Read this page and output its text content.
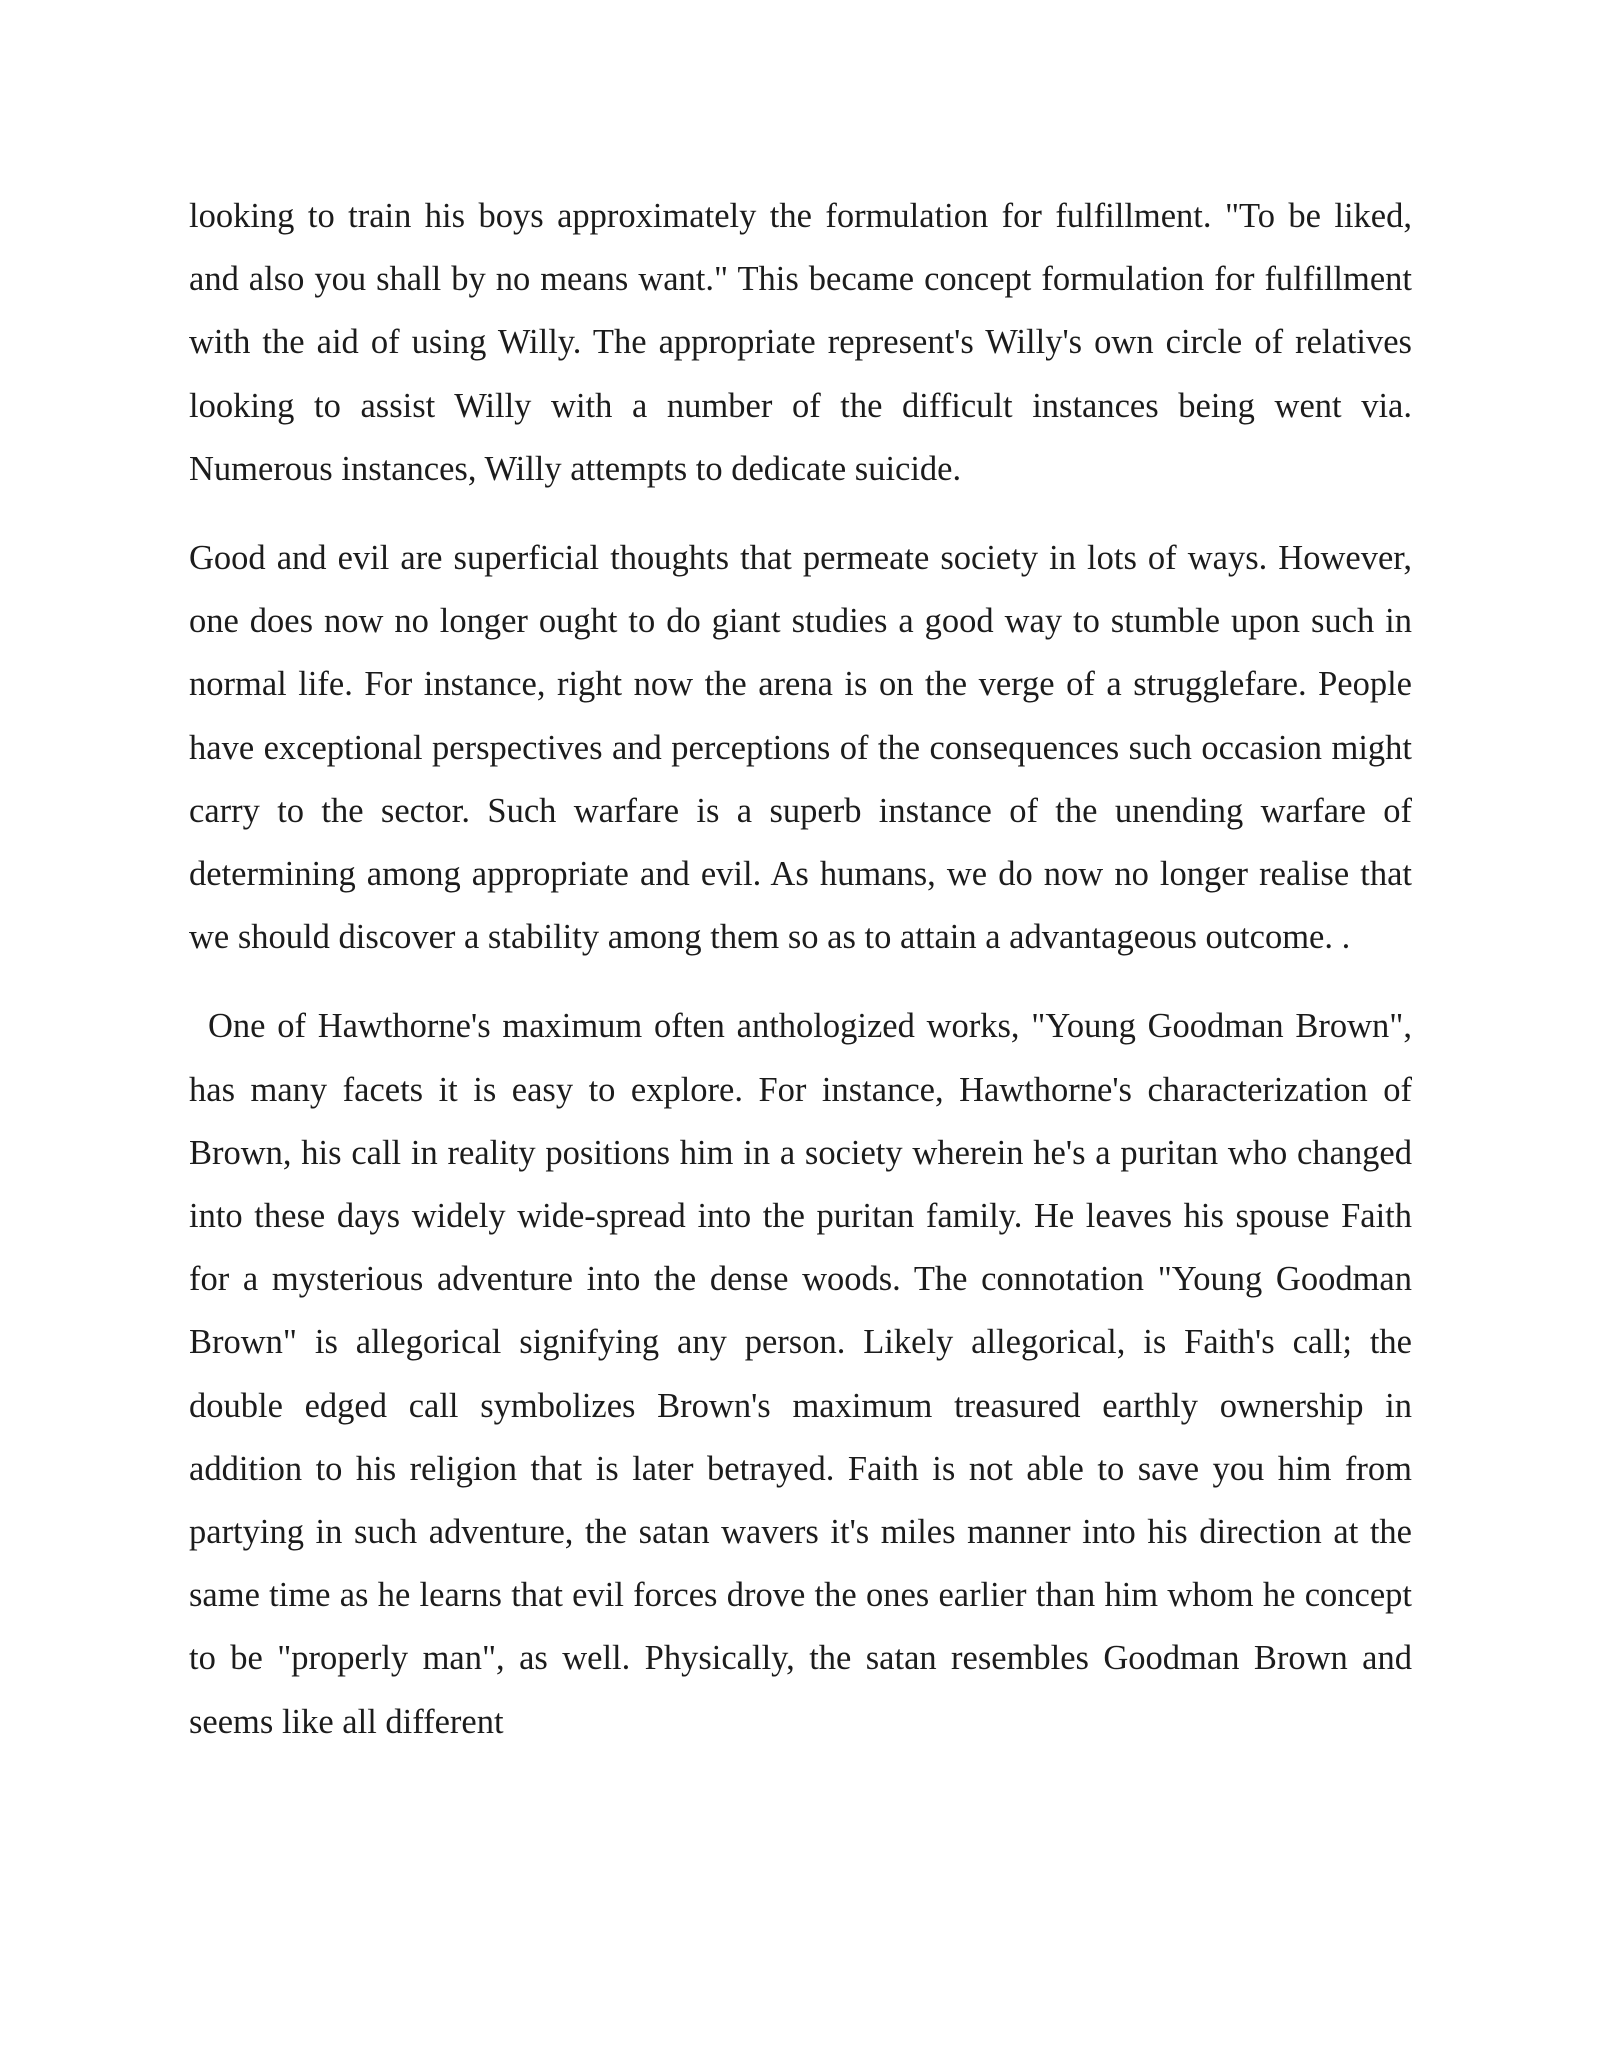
looking to train his boys approximately the formulation for fulfillment. "To be liked, and also you shall by no means want." This became concept formulation for fulfillment with the aid of using Willy. The appropriate represent's Willy's own circle of relatives looking to assist Willy with a number of the difficult instances being went via. Numerous instances, Willy attempts to dedicate suicide.

Good and evil are superficial thoughts that permeate society in lots of ways. However, one does now no longer ought to do giant studies a good way to stumble upon such in normal life. For instance, right now the arena is on the verge of a strugglefare. People have exceptional perspectives and perceptions of the consequences such occasion might carry to the sector. Such warfare is a superb instance of the unending warfare of determining among appropriate and evil. As humans, we do now no longer realise that we should discover a stability among them so as to attain a advantageous outcome. .

One of Hawthorne's maximum often anthologized works, "Young Goodman Brown", has many facets it is easy to explore. For instance, Hawthorne's characterization of Brown, his call in reality positions him in a society wherein he's a puritan who changed into these days widely wide-spread into the puritan family. He leaves his spouse Faith for a mysterious adventure into the dense woods. The connotation "Young Goodman Brown" is allegorical signifying any person. Likely allegorical, is Faith's call; the double edged call symbolizes Brown's maximum treasured earthly ownership in addition to his religion that is later betrayed. Faith is not able to save you him from partying in such adventure, the satan wavers it's miles manner into his direction at the same time as he learns that evil forces drove the ones earlier than him whom he concept to be "properly man", as well. Physically, the satan resembles Goodman Brown and seems like all different
